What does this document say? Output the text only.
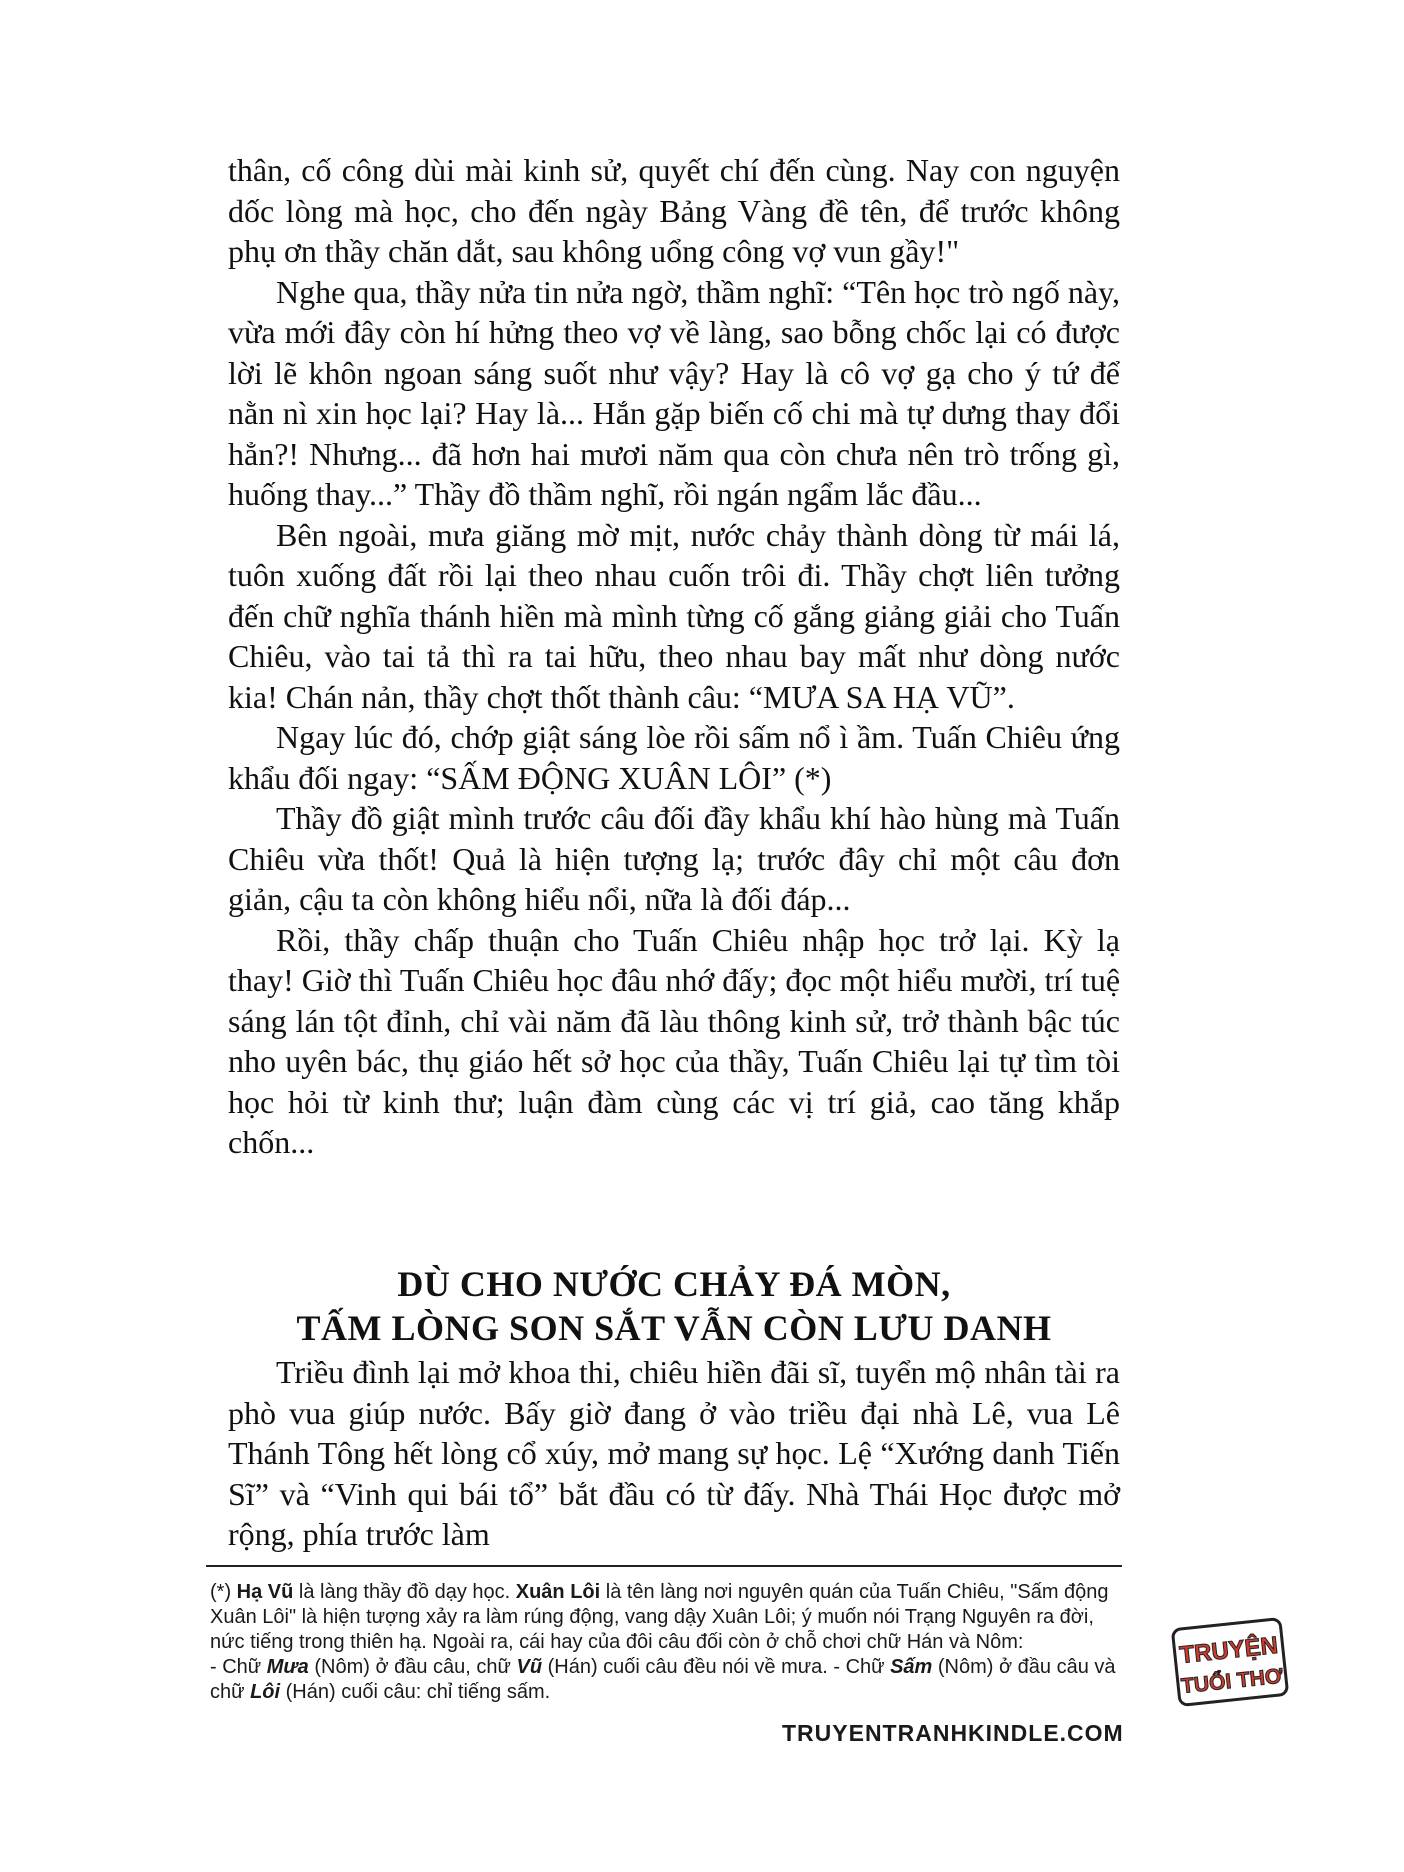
thân, cố công dùi mài kinh sử, quyết chí đến cùng. Nay con nguyện dốc lòng mà học, cho đến ngày Bảng Vàng đề tên, để trước không phụ ơn thầy chăn dắt, sau không uổng công vợ vun gầy!"

Nghe qua, thầy nửa tin nửa ngờ, thầm nghĩ: “Tên học trò ngố này, vừa mới đây còn hí hửng theo vợ về làng, sao bỗng chốc lại có được lời lẽ khôn ngoan sáng suốt như vậy? Hay là cô vợ gạ cho ý tứ để nằn nì xin học lại? Hay là... Hắn gặp biến cố chi mà tự dưng thay đổi hẳn?! Nhưng... đã hơn hai mươi năm qua còn chưa nên trò trống gì, huống thay...” Thầy đồ thầm nghĩ, rồi ngán ngẩm lắc đầu...

Bên ngoài, mưa giăng mờ mịt, nước chảy thành dòng từ mái lá, tuôn xuống đất rồi lại theo nhau cuốn trôi đi. Thầy chợt liên tưởng đến chữ nghĩa thánh hiền mà mình từng cố gắng giảng giải cho Tuấn Chiêu, vào tai tả thì ra tai hữu, theo nhau bay mất như dòng nước kia! Chán nản, thầy chợt thốt thành câu: “MƯA SA HẠ VŨ”.

Ngay lúc đó, chớp giật sáng lòe rồi sấm nổ ì ầm. Tuấn Chiêu ứng khẩu đối ngay: “SẤM ĐỘNG XUÂN LÔI” (*)

Thầy đồ giật mình trước câu đối đầy khẩu khí hào hùng mà Tuấn Chiêu vừa thốt! Quả là hiện tượng lạ; trước đây chỉ một câu đơn giản, cậu ta còn không hiểu nổi, nữa là đối đáp...

Rồi, thầy chấp thuận cho Tuấn Chiêu nhập học trở lại. Kỳ lạ thay! Giờ thì Tuấn Chiêu học đâu nhớ đấy; đọc một hiểu mười, trí tuệ sáng lán tột đỉnh, chỉ vài năm đã làu thông kinh sử, trở thành bậc túc nho uyên bác, thụ giáo hết sở học của thầy, Tuấn Chiêu lại tự tìm tòi học hỏi từ kinh thư; luận đàm cùng các vị trí giả, cao tăng khắp chốn...

DÙ CHO NƯỚC CHẢY ĐÁ MÒN,
TẤM LÒNG SON SẮT VẪN CÒN LƯU DANH

Triều đình lại mở khoa thi, chiêu hiền đãi sĩ, tuyển mộ nhân tài ra phò vua giúp nước. Bấy giờ đang ở vào triều đại nhà Lê, vua Lê Thánh Tông hết lòng cổ xúy, mở mang sự học. Lệ “Xướng danh Tiến Sĩ” và “Vinh qui bái tổ” bắt đầu có từ đấy. Nhà Thái Học được mở rộng, phía trước làm

(*) Hạ Vũ là làng thầy đồ dạy học. Xuân Lôi là tên làng nơi nguyên quán của Tuấn Chiêu, "Sấm động Xuân Lôi" là hiện tượng xảy ra làm rúng động, vang dậy Xuân Lôi; ý muốn nói Trạng Nguyên ra đời, nức tiếng trong thiên hạ. Ngoài ra, cái hay của đôi câu đối còn ở chỗ chơi chữ Hán và Nôm:
- Chữ Mưa (Nôm) ở đầu câu, chữ Vũ (Hán) cuối câu đều nói về mưa. - Chữ Sấm (Nôm) ở đầu câu và chữ Lôi (Hán) cuối câu: chỉ tiếng sấm.
TRUYỆN
TUỔI THƠ
TRUYENTRANHKINDLE.COM
